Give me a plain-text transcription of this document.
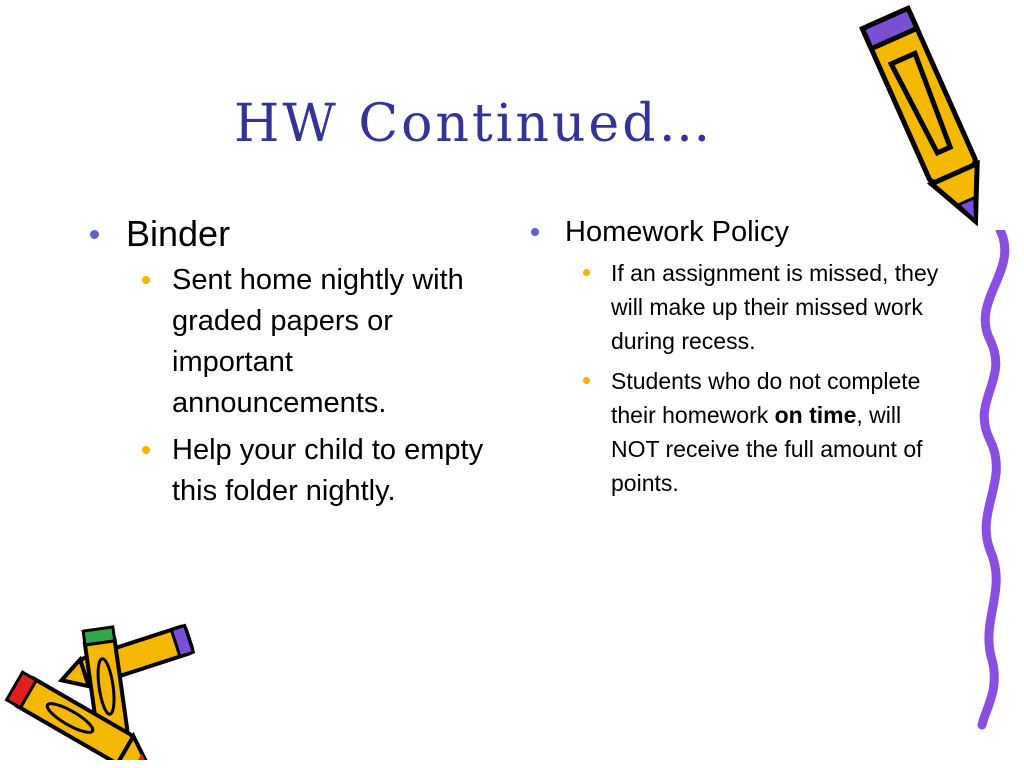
HW Continued…
Binder
Sent home nightly with graded papers or important announcements.
Help your child to empty this folder nightly.
Homework Policy
If an assignment is missed, they will make up their missed work during recess.
Students who do not complete their homework on time, will NOT receive the full amount of points.
